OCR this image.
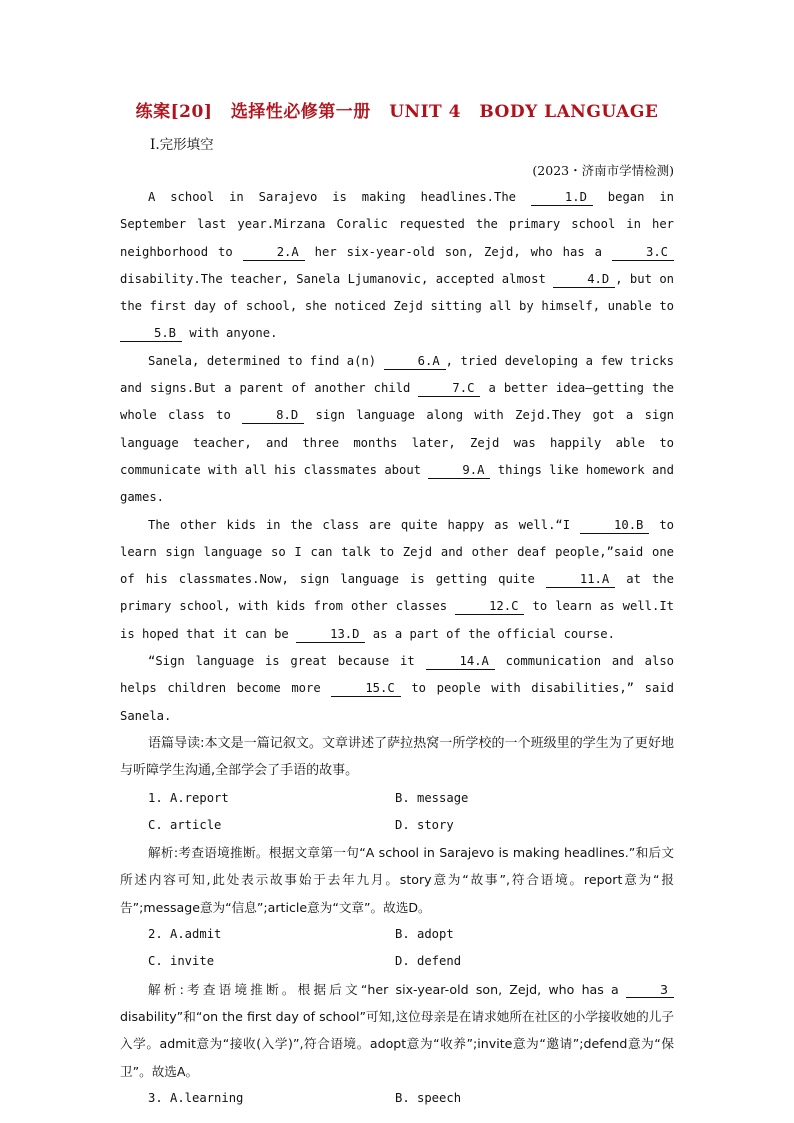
练案[20] 选择性必修第一册 UNIT 4 BODY LANGUAGE
Ⅰ.完形填空
(2023・济南市学情检测)

A school in Sarajevo is making headlines.The	1.D began in September last year.Mirzana Coralic requested the primary school in her neighborhood to	2.A her six-year-old son, Zejd, who has a	3.C disability.The teacher, Sanela Ljumanovic, accepted almost	4.D , but on the first day of school, she noticed Zejd sitting all by himself, unable to 5.B with anyone.

Sanela, determined to find a(n)	6.A , tried developing a few tricks and signs.But a parent of another child	7.C a better idea—getting the whole class to	8.D sign language along with Zejd.They got a sign language teacher, and three months later, Zejd was happily able to communicate with all his classmates about	9.A things like homework and games.

The other kids in the class are quite happy as well.“I	10.B to learn sign language so I can talk to Zejd and other deaf people,”said one of his classmates.Now, sign language is getting quite	11.A at the primary school, with kids from other classes	12.C to learn as well.It is hoped that it can be	13.D as a part of the official course.

“Sign language is great because it	14.A communication and also helps children become more	15.C to people with disabilities,” said Sanela.

语篇导读:本文是一篇记叙文。文章讲述了萨拉热窝一所学校的一个班级里的学生为了更好地与听障学生沟通,全部学会了手语的故事。

1. A.report	B. message
C. article	D. story

解析:考查语境推断。根据文章第一句“A school in Sarajevo is making headlines.”和后文所述内容可知,此处表示故事始于去年九月。story意为“故事”,符合语境。report意为“报告”;message意为“信息”;article意为“文章”。故选D。

2. A.admit	B. adopt
C. invite	D. defend

解析:考查语境推断。根据后文“her six-year-old son, Zejd, who has a	3 disability”和“on the first day of school”可知,这位母亲是在请求她所在社区的小学接收她的儿子入学。admit意为“接收(入学)”,符合语境。adopt意为“收养”;invite意为“邀请”;defend意为“保卫”。故选A。

3. A.learning	B. speech
